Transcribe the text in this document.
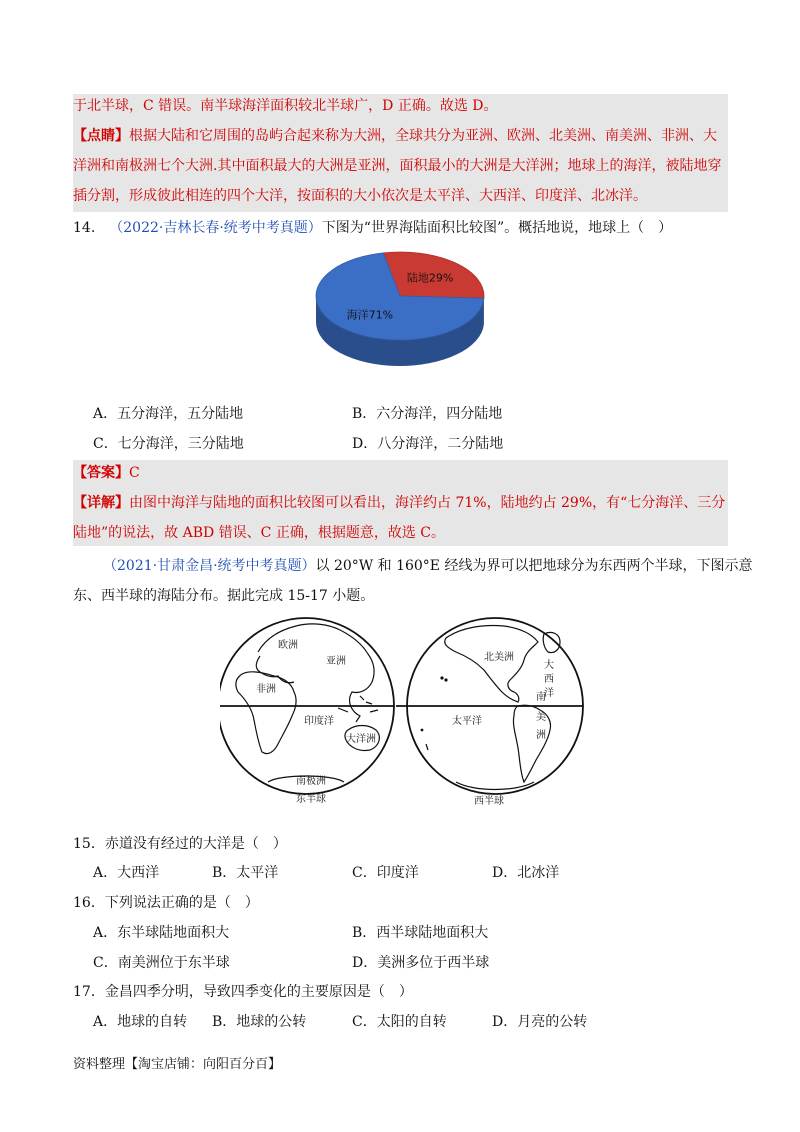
于北半球，C 错误。南半球海洋面积较北半球广，D 正确。故选 D。
【点睛】根据大陆和它周围的岛屿合起来称为大洲，全球共分为亚洲、欧洲、北美洲、南美洲、非洲、大
洋洲和南极洲七个大洲.其中面积最大的大洲是亚洲，面积最小的大洲是大洋洲；地球上的海洋，被陆地穿
插分割，形成彼此相连的四个大洋，按面积的大小依次是太平洋、大西洋、印度洋、北冰洋。
14. （2022·吉林长春·统考中考真题）下图为“世界海陆面积比较图”。概括地说，地球上（　）
陆地29%
海洋71%
A．五分海洋，五分陆地	B．六分海洋，四分陆地
C．七分海洋，三分陆地	D．八分海洋，二分陆地
【答案】C
【详解】由图中海洋与陆地的面积比较图可以看出，海洋约占 71%，陆地约占 29%，有“七分海洋、三分
陆地”的说法，故 ABD 错误、C 正确，根据题意，故选 C。
（2021·甘肃金昌·统考中考真题）以 20°W 和 160°E 经线为界可以把地球分为东西两个半球，下图示意
东、西半球的海陆分布。据此完成 15-17 小题。
欧洲
亚洲
非洲
印度洋
大洋洲
南极洲
东半球
北美洲
大
西
洋
南
美
洲
太平洋
西半球
15．赤道没有经过的大洋是（　）
A．大西洋	B．太平洋	C．印度洋	D．北冰洋
16．下列说法正确的是（　）
A．东半球陆地面积大	B．西半球陆地面积大
C．南美洲位于东半球	D．美洲多位于西半球
17．金昌四季分明，导致四季变化的主要原因是（　）
A．地球的自转 B．地球的公转	C．太阳的自转	D．月亮的公转
资料整理【淘宝店铺：向阳百分百】
